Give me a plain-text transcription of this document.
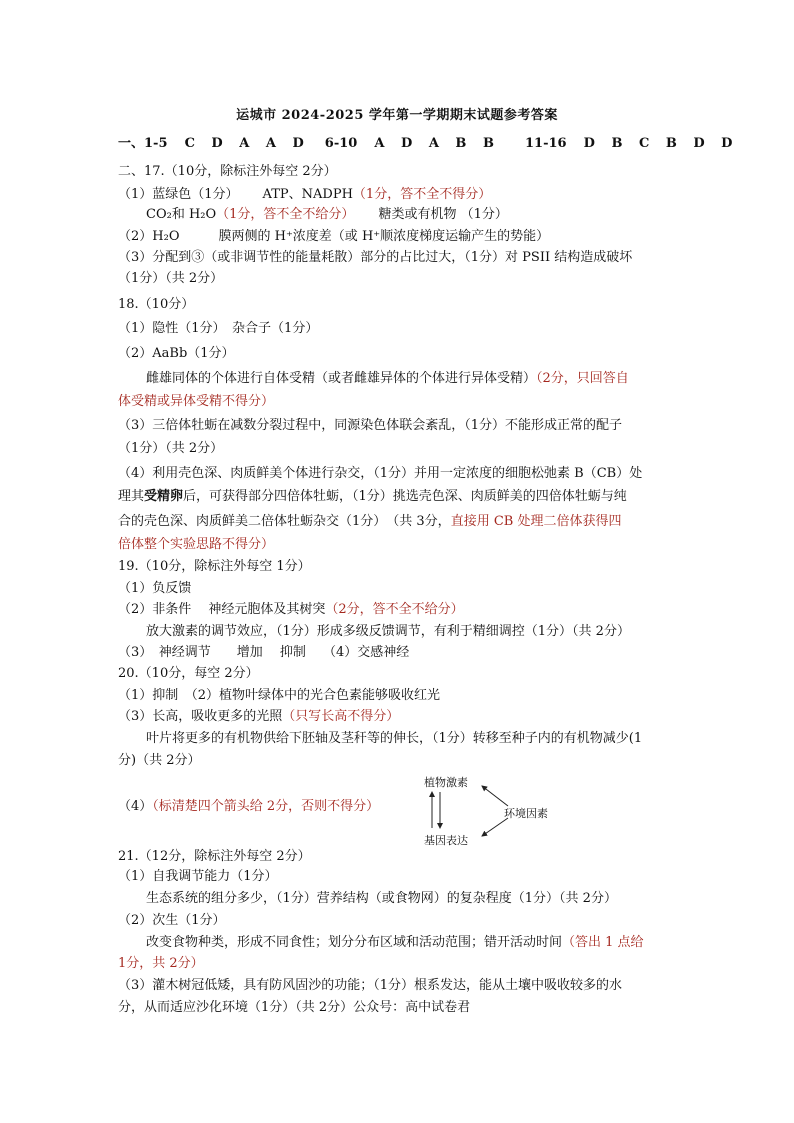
运城市 2024-2025 学年第一学期期末试题参考答案
一、1-5 C D A A D 6-10 A D A B B 11-16 D B C B D D
二、17.（10分，除标注外每空 2分）
（1）蓝绿色（1分） ATP、NADPH（1分，答不全不得分）
CO₂和 H₂O（1分，答不全不给分） 糖类或有机物 （1分）
（2）H₂O　　　膜两侧的 H⁺浓度差（或 H⁺顺浓度梯度运输产生的势能）
（3）分配到③（或非调节性的能量耗散）部分的占比过大，（1分）对 PSII 结构造成破坏
（1分）（共 2分）
18.（10分）
（1）隐性（1分）　杂合子（1分）
（2）AaBb（1分）
雌雄同体的个体进行自体受精（或者雌雄异体的个体进行异体受精）（2分，只回答自
体受精或异体受精不得分）
（3）三倍体牡蛎在减数分裂过程中，同源染色体联会紊乱，（1分）不能形成正常的配子
（1分）（共 2分）
（4）利用壳色深、肉质鲜美个体进行杂交，（1分）并用一定浓度的细胞松弛素 B（CB）处
理其受精卵后，可获得部分四倍体牡蛎，（1分）挑选壳色深、肉质鲜美的四倍体牡蛎与纯
合的壳色深、肉质鲜美二倍体牡蛎杂交（1分）　（共 3分，直接用 CB 处理二倍体获得四
倍体整个实验思路不得分）
19.（10分，除标注外每空 1分）
（1）负反馈
（2）非条件　 神经元胞体及其树突（2分，答不全不给分）
放大激素的调节效应，（1分）形成多级反馈调节，有利于精细调控（1分）（共 2分）
（3）　神经调节　　增加　 抑制　 （4）交感神经
20.（10分，每空 2分）
（1）抑制　（2）植物叶绿体中的光合色素能够吸收红光
（3）长高，吸收更多的光照（只写长高不得分）
叶片将更多的有机物供给下胚轴及茎秆等的伸长，（1分）转移至种子内的有机物减少(1
分)（共 2分）
（4）（标清楚四个箭头给 2分，否则不得分）
植物激素
环境因素
基因表达
21.（12分，除标注外每空 2分）
（1）自我调节能力（1分）
生态系统的组分多少，（1分）营养结构（或食物网）的复杂程度（1分）（共 2分）
（2）次生（1分）
改变食物种类，形成不同食性；划分分布区域和活动范围；错开活动时间（答出 1 点给
1分，共 2分）
（3）灌木树冠低矮，具有防风固沙的功能；（1分）根系发达，能从土壤中吸收较多的水
分，从而适应沙化环境（1分）（共 2分）公众号：高中试卷君
